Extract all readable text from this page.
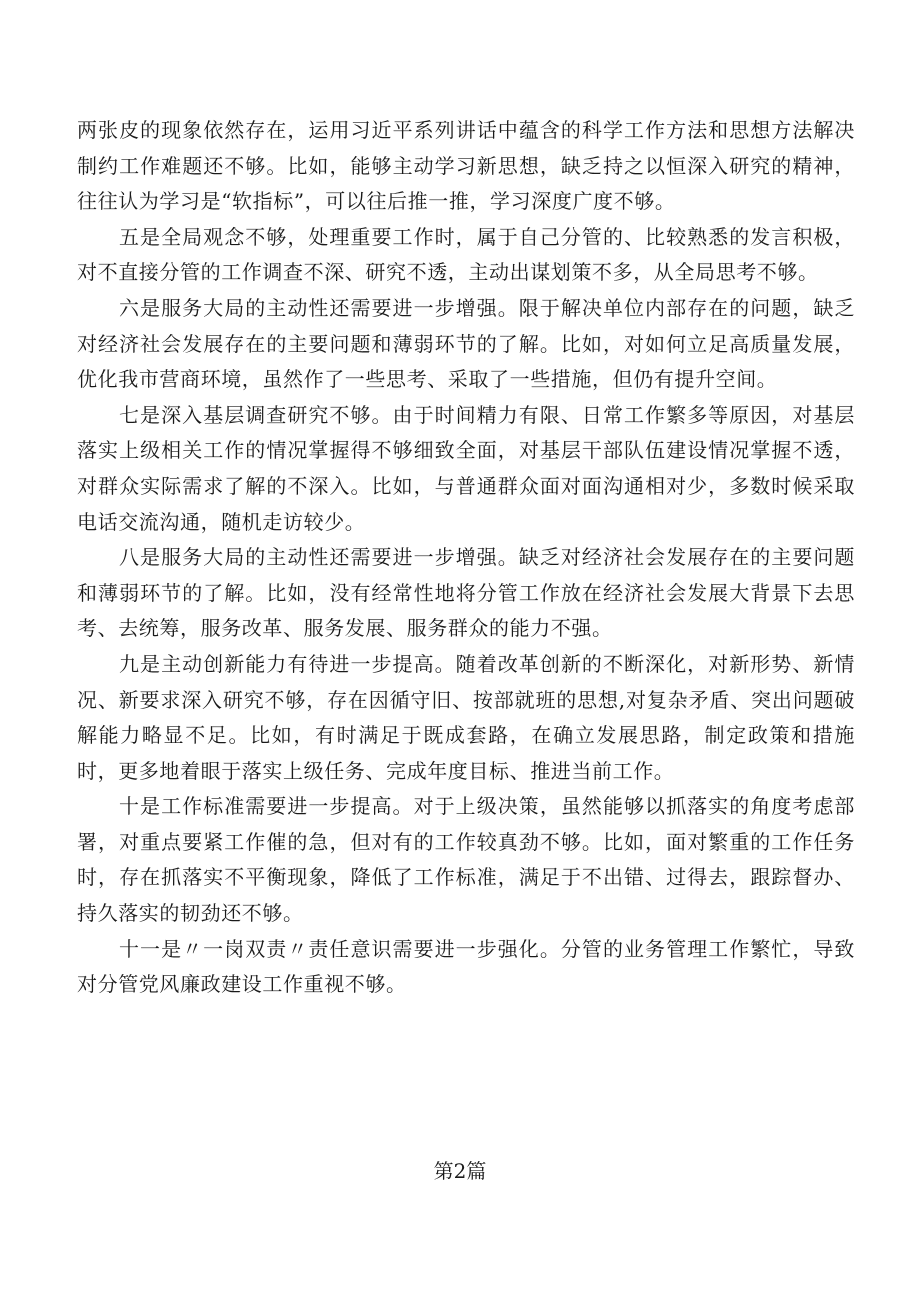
两张皮的现象依然存在，运用习近平系列讲话中蕴含的科学工作方法和思想方法解决制约工作难题还不够。比如，能够主动学习新思想，缺乏持之以恒深入研究的精神，往往认为学习是“软指标”，可以往后推一推，学习深度广度不够。

五是全局观念不够，处理重要工作时，属于自己分管的、比较熟悉的发言积极，对不直接分管的工作调查不深、研究不透，主动出谋划策不多，从全局思考不够。

六是服务大局的主动性还需要进一步增强。限于解决单位内部存在的问题，缺乏对经济社会发展存在的主要问题和薄弱环节的了解。比如，对如何立足高质量发展，优化我市营商环境，虽然作了一些思考、采取了一些措施，但仍有提升空间。

七是深入基层调查研究不够。由于时间精力有限、日常工作繁多等原因，对基层落实上级相关工作的情况掌握得不够细致全面，对基层干部队伍建设情况掌握不透，对群众实际需求了解的不深入。比如，与普通群众面对面沟通相对少，多数时候采取电话交流沟通，随机走访较少。

八是服务大局的主动性还需要进一步增强。缺乏对经济社会发展存在的主要问题和薄弱环节的了解。比如，没有经常性地将分管工作放在经济社会发展大背景下去思考、去统筹，服务改革、服务发展、服务群众的能力不强。

九是主动创新能力有待进一步提高。随着改革创新的不断深化，对新形势、新情况、新要求深入研究不够，存在因循守旧、按部就班的思想,对复杂矛盾、突出问题破解能力略显不足。比如，有时满足于既成套路，在确立发展思路，制定政策和措施时，更多地着眼于落实上级任务、完成年度目标、推进当前工作。

十是工作标准需要进一步提高。对于上级决策，虽然能够以抓落实的角度考虑部署，对重点要紧工作催的急，但对有的工作较真劲不够。比如，面对繁重的工作任务时，存在抓落实不平衡现象，降低了工作标准，满足于不出错、过得去，跟踪督办、持久落实的韧劲还不够。

十一是〃一岗双责〃责任意识需要进一步强化。分管的业务管理工作繁忙，导致对分管党风廉政建设工作重视不够。

第2篇
